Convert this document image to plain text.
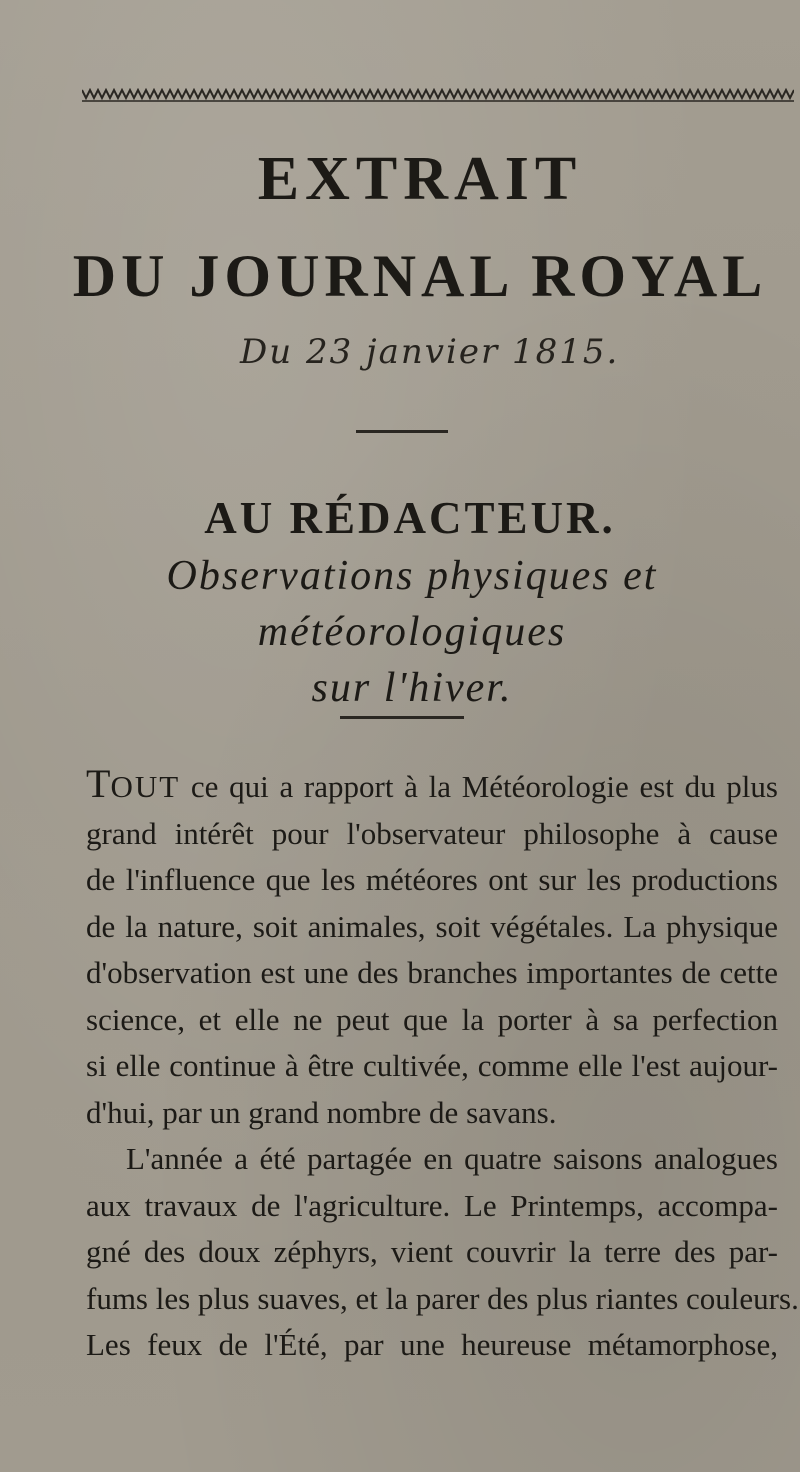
EXTRAIT
DU JOURNAL ROYAL
Du 23 janvier 1815.
AU RÉDACTEUR.
Observations physiques et météorologiques
sur l'hiver.
TOUT ce qui a rapport à la Météorologie est du plus
grand intérêt pour l'observateur philosophe à cause
de l'influence que les météores ont sur les productions
de la nature, soit animales, soit végétales. La physique
d'observation est une des branches importantes de cette
science, et elle ne peut que la porter à sa perfection
si elle continue à être cultivée, comme elle l'est aujour-
d'hui, par un grand nombre de savans.
L'année a été partagée en quatre saisons analogues
aux travaux de l'agriculture. Le Printemps, accompa-
gné des doux zéphyrs, vient couvrir la terre des par-
fums les plus suaves, et la parer des plus riantes couleurs.
Les feux de l'Été, par une heureuse métamorphose,
